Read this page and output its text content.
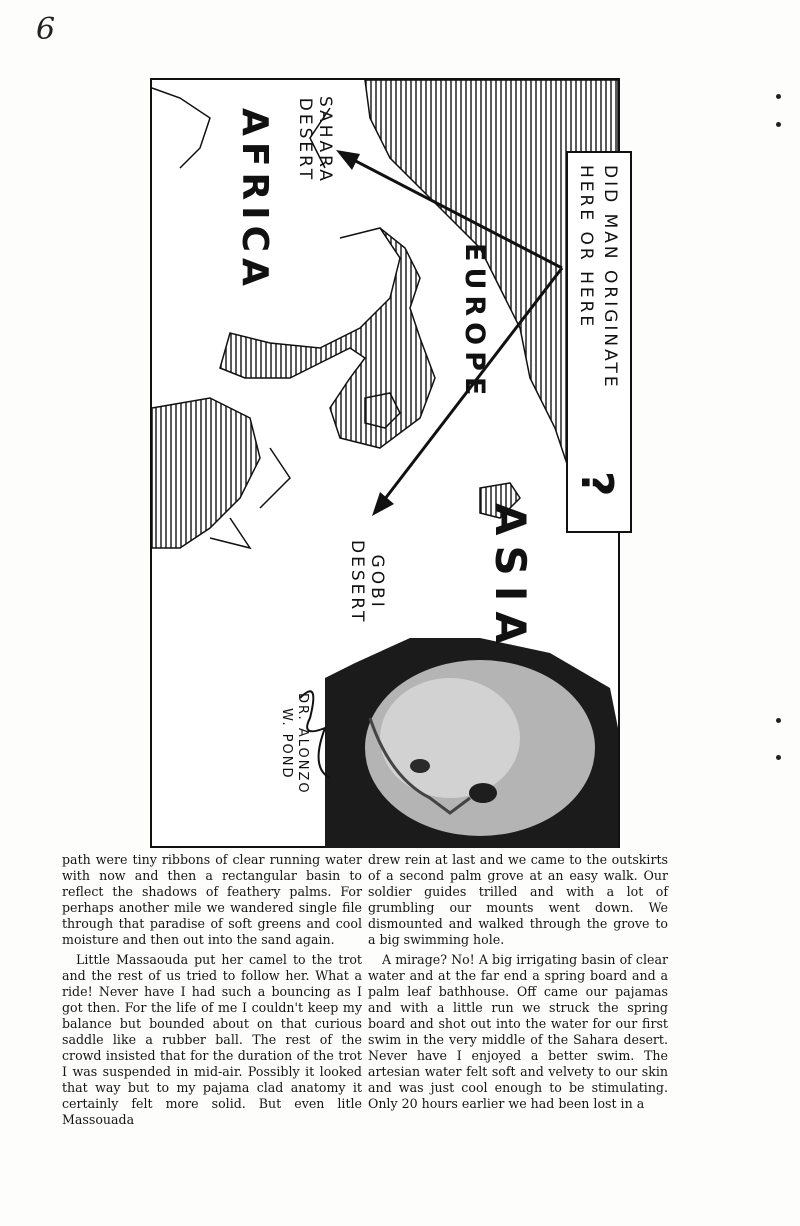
6
AFRICA
EUROPE
ASIA
SAHARA
DESERT
GOBI
DESERT
DID MAN ORIGINATE
HERE OR HERE
?
DR. ALONZO
W. POND

path were tiny ribbons of clear running water with now and then a rectangular basin to reflect the shadows of feathery palms. For perhaps another mile we wandered single file through that paradise of soft greens and cool moisture and then out into the sand again.

Little Massaouda put her camel to the trot and the rest of us tried to follow her. What a ride! Never have I had such a bouncing as I got then. For the life of me I couldn't keep my balance but bounded about on that curious saddle like a rubber ball. The rest of the crowd insisted that for the duration of the trot I was suspended in mid-air. Possibly it looked that way but to my pajama clad anatomy it certainly felt more solid. But even litle Massouada

drew rein at last and we came to the outskirts of a second palm grove at an easy walk. Our soldier guides trilled and with a lot of grumbling our mounts went down. We dismounted and walked through the grove to a big swimming hole.

A mirage? No! A big irrigating basin of clear water and at the far end a spring board and a palm leaf bathhouse. Off came our pajamas and with a little run we struck the spring board and shot out into the water for our first swim in the very middle of the Sahara desert. Never have I enjoyed a better swim. The artesian water felt soft and velvety to our skin and was just cool enough to be stimulating. Only 20 hours earlier we had been lost in a
